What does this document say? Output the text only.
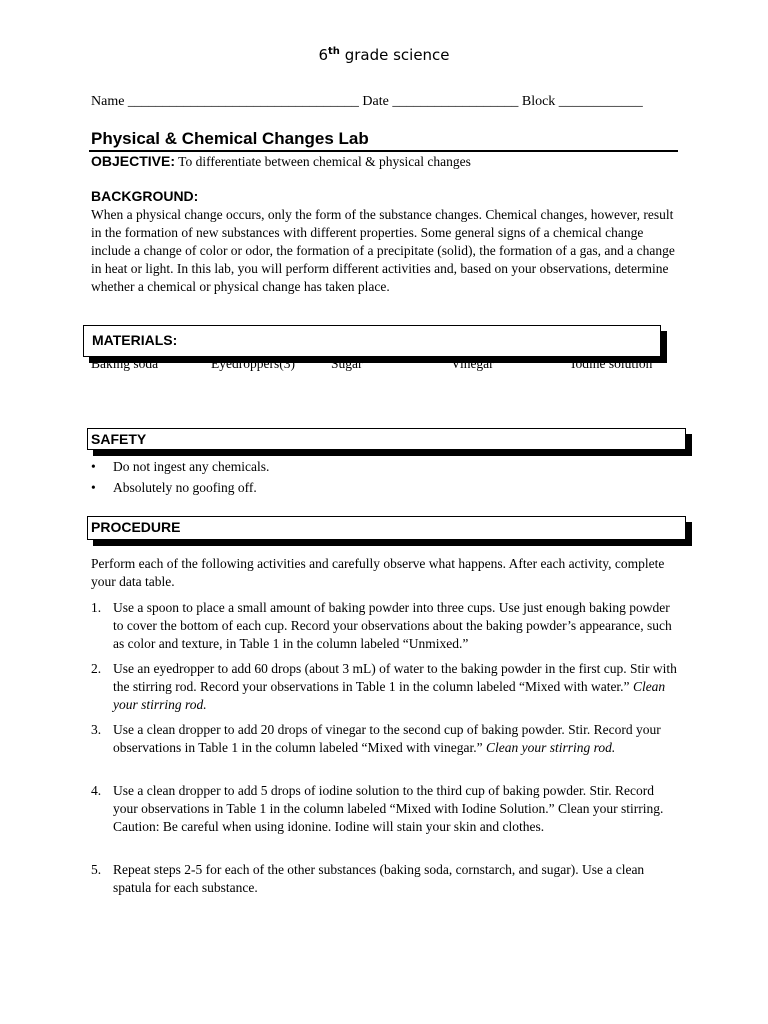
6th grade science
Name _________________________________ Date __________________ Block ____________
Physical & Chemical Changes Lab
OBJECTIVE: To differentiate between chemical & physical changes
BACKGROUND:
When a physical change occurs, only the form of the substance changes. Chemical changes, however, result in the formation of new substances with different properties. Some general signs of a chemical change include a change of color or odor, the formation of a precipitate (solid), the formation of a gas, and a change in heat or light. In this lab, you will perform different activities and, based on your observations, determine whether a chemical or physical change has taken place.
MATERIALS:
Baking soda	Eyedroppers(3)	Sugar	Vinegar	Iodine solution
SAFETY
• Do not ingest any chemicals.
• Absolutely no goofing off.
PROCEDURE
Perform each of the following activities and carefully observe what happens. After each activity, complete your data table.
1. Use a spoon to place a small amount of baking powder into three cups. Use just enough baking powder to cover the bottom of each cup. Record your observations about the baking powder’s appearance, such as color and texture, in Table 1 in the column labeled “Unmixed.”
2. Use an eyedropper to add 60 drops (about 3 mL) of water to the baking powder in the first cup. Stir with the stirring rod. Record your observations in Table 1 in the column labeled “Mixed with water.” Clean your stirring rod.
3. Use a clean dropper to add 20 drops of vinegar to the second cup of baking powder. Stir. Record your observations in Table 1 in the column labeled “Mixed with vinegar.” Clean your stirring rod.
4. Use a clean dropper to add 5 drops of iodine solution to the third cup of baking powder. Stir. Record your observations in Table 1 in the column labeled “Mixed with Iodine Solution.” Clean your stirring. Caution: Be careful when using idonine. Iodine will stain your skin and clothes.
5. Repeat steps 2-5 for each of the other substances (baking soda, cornstarch, and sugar). Use a clean spatula for each substance.
